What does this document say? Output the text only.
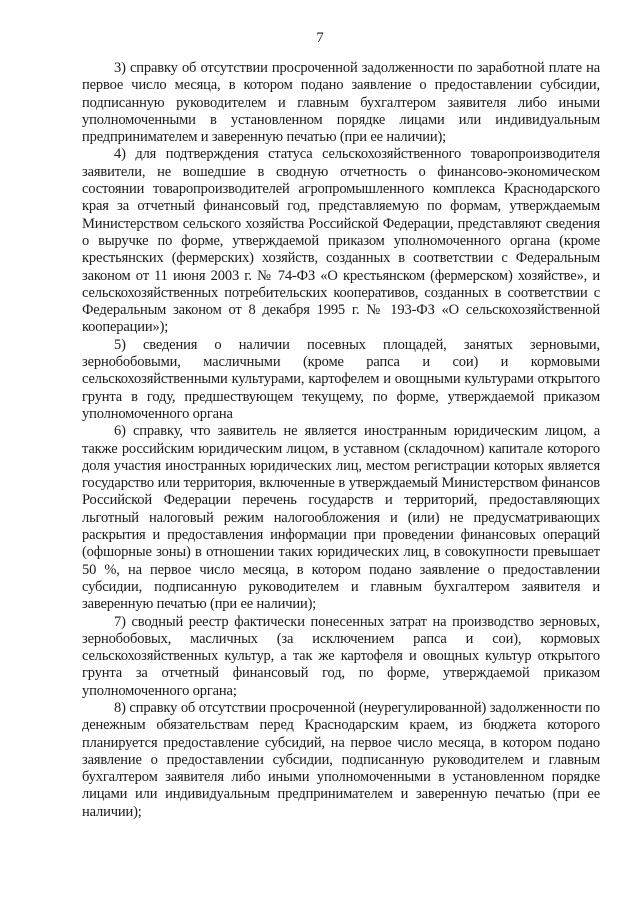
7

3) справку об отсутствии просроченной задолженности по заработной плате на первое число месяца, в котором подано заявление о предоставлении субсидии, подписанную руководителем и главным бухгалтером заявителя либо иными уполномоченными в установленном порядке лицами или индивидуальным предпринимателем и заверенную печатью (при ее наличии);

4) для подтверждения статуса сельскохозяйственного товаропроизводителя заявители, не вошедшие в сводную отчетность о финансово-экономическом состоянии товаропроизводителей агропромышленного комплекса Краснодарского края за отчетный финансовый год, представляемую по формам, утверждаемым Министерством сельского хозяйства Российской Федерации, представляют сведения о выручке по форме, утверждаемой приказом уполномоченного органа (кроме крестьянских (фермерских) хозяйств, созданных в соответствии с Федеральным законом от 11 июня 2003 г. № 74-ФЗ «О крестьянском (фермерском) хозяйстве», и сельскохозяйственных потребительских кооперативов, созданных в соответствии с Федеральным законом от 8 декабря 1995 г. № 193-ФЗ «О сельскохозяйственной кооперации»);

5) сведения о наличии посевных площадей, занятых зерновыми, зернобобовыми, масличными (кроме рапса и сои) и кормовыми сельскохозяйственными культурами, картофелем и овощными культурами открытого грунта в году, предшествующем текущему, по форме, утверждаемой приказом уполномоченного органа

6) справку, что заявитель не является иностранным юридическим лицом, а также российским юридическим лицом, в уставном (складочном) капитале которого доля участия иностранных юридических лиц, местом регистрации которых является государство или территория, включенные в утверждаемый Министерством финансов Российской Федерации перечень государств и территорий, предоставляющих льготный налоговый режим налогообложения и (или) не предусматривающих раскрытия и предоставления информации при проведении финансовых операций (офшорные зоны) в отношении таких юридических лиц, в совокупности превышает 50 %, на первое число месяца, в котором подано заявление о предоставлении субсидии, подписанную руководителем и главным бухгалтером заявителя и заверенную печатью (при ее наличии);

7) сводный реестр фактически понесенных затрат на производство зерновых, зернобобовых, масличных (за исключением рапса и сои), кормовых сельскохозяйственных культур, а так же картофеля и овощных культур открытого грунта за отчетный финансовый год, по форме, утверждаемой приказом уполномоченного органа;

8) справку об отсутствии просроченной (неурегулированной) задолженности по денежным обязательствам перед Краснодарским краем, из бюджета которого планируется предоставление субсидий, на первое число месяца, в котором подано заявление о предоставлении субсидии, подписанную руководителем и главным бухгалтером заявителя либо иными уполномоченными в установленном порядке лицами или индивидуальным предпринимателем и заверенную печатью (при ее наличии);
